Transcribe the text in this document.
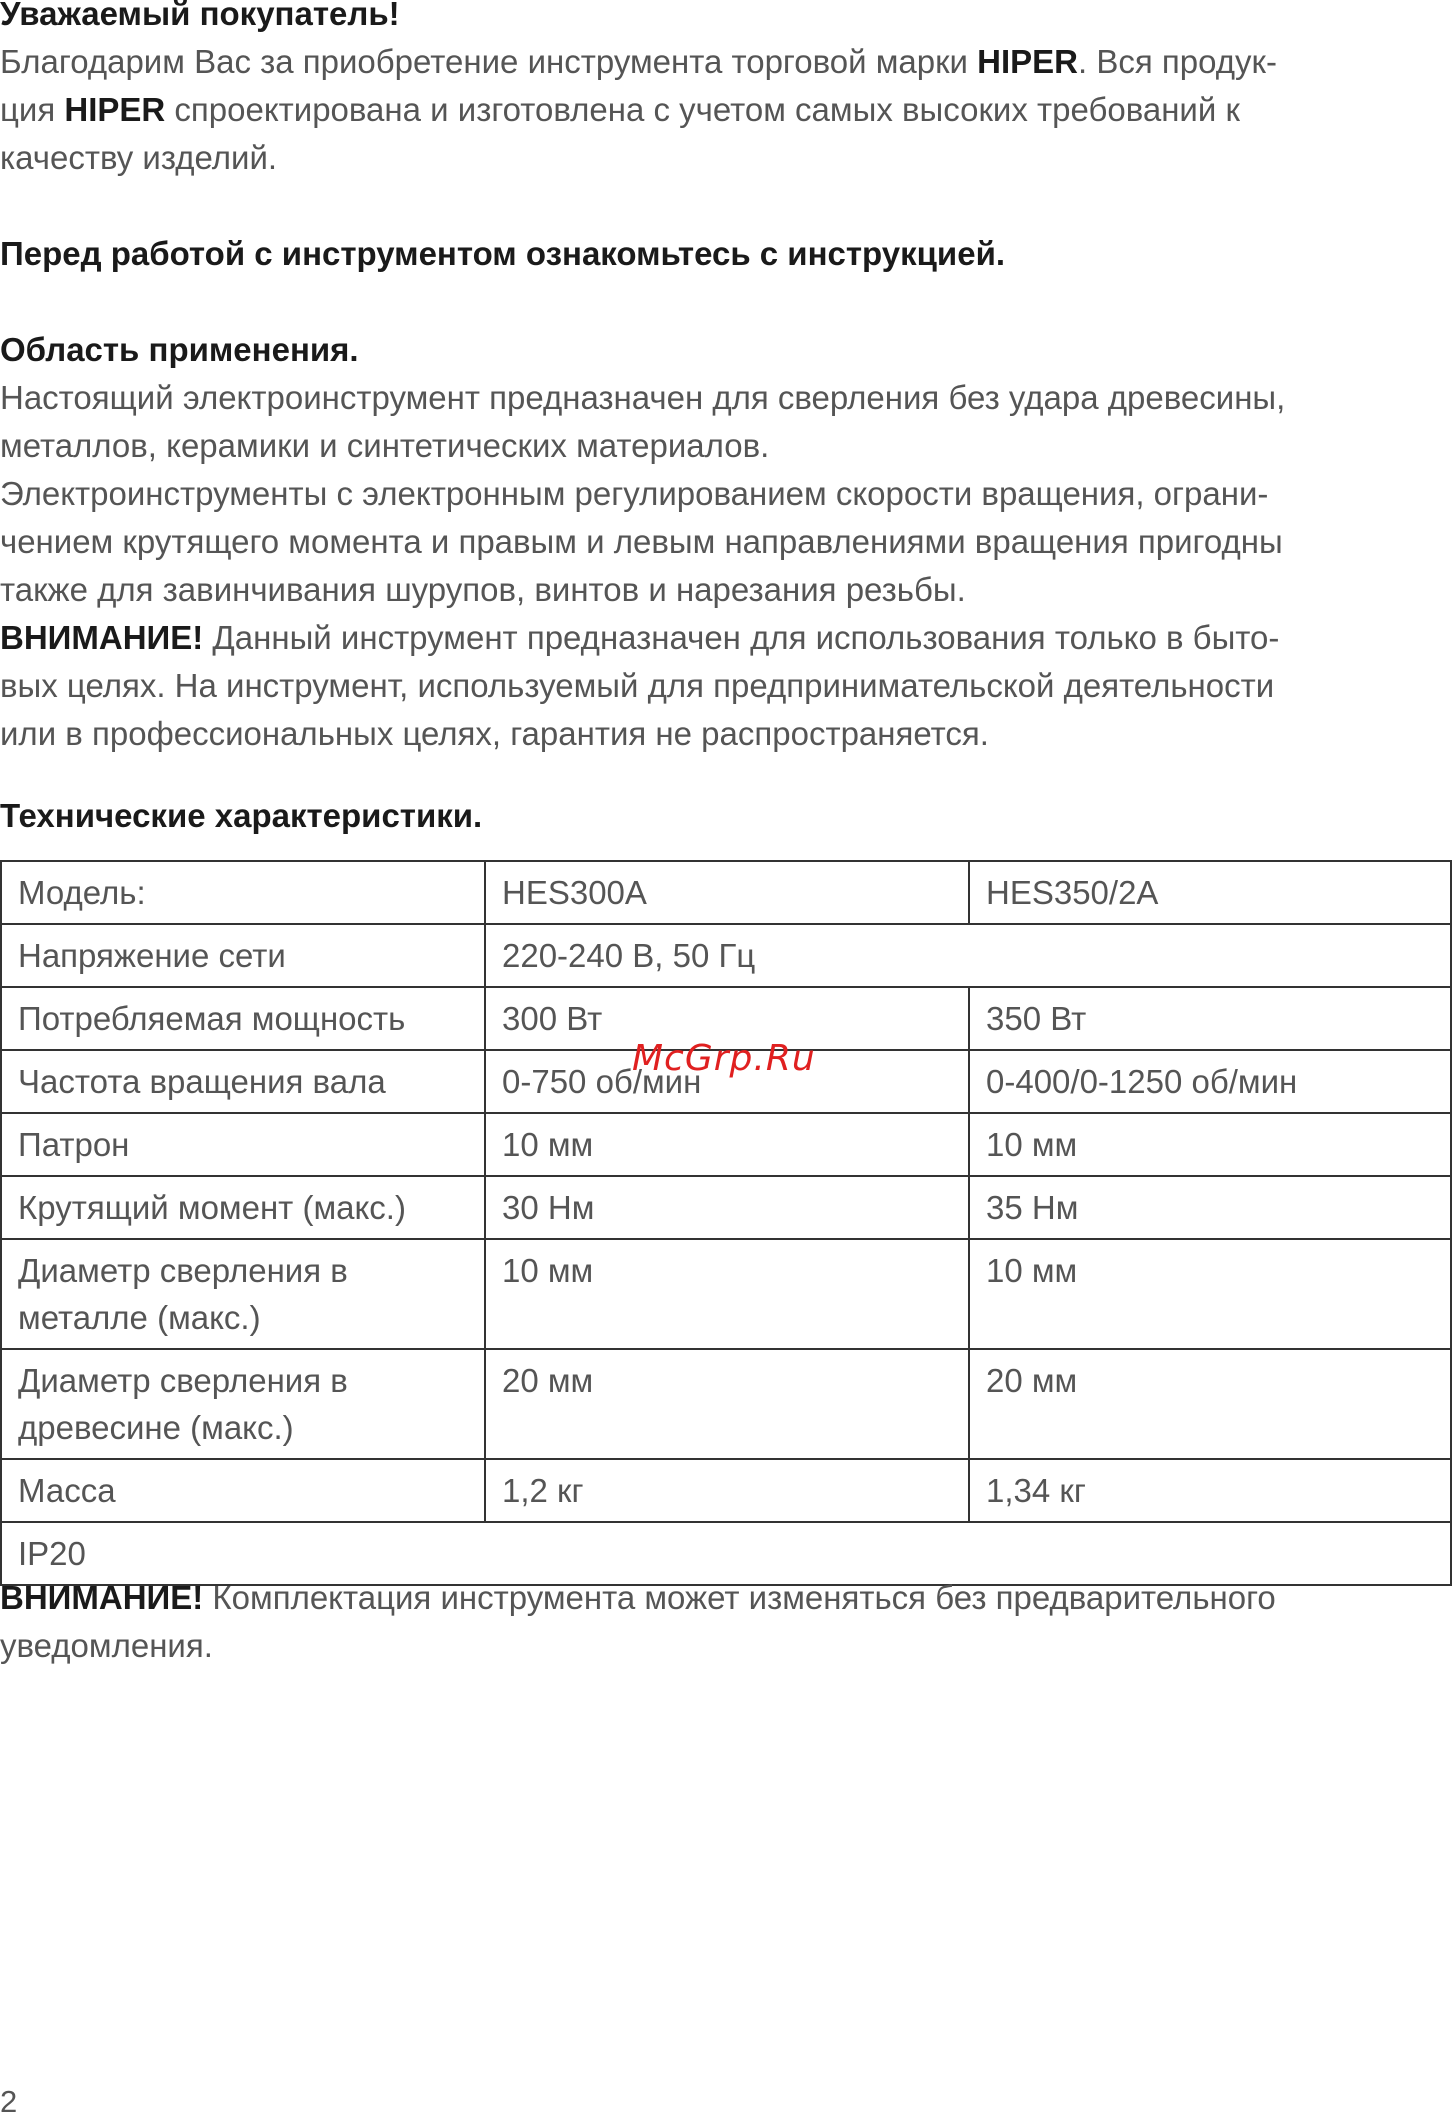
Уважаемый покупатель!

Благодарим Вас за приобретение инструмента торговой марки HIPER. Вся продук-

ция HIPER спроектирована и изготовлена с учетом самых высоких требований к

качеству изделий.

Перед работой с инструментом ознакомьтесь с инструкцией.

Область применения.

Настоящий электроинструмент предназначен для сверления без удара древесины,

металлов, керамики и синтетических материалов.

Электроинструменты с электронным регулированием скорости вращения, ограни-

чением крутящего момента и правым и левым направлениями вращения пригодны

также для завинчивания шурупов, винтов и нарезания резьбы.

ВНИМАНИЕ! Данный инструмент предназначен для использования только в быто-

вых целях. На инструмент, используемый для предпринимательской деятельности

или в профессиональных целях, гарантия не распространяется.

Технические характеристики.

Модель:	HES300A	HES350/2A
Напряжение сети	220-240 В, 50 Гц	
Потребляемая мощность	300 Вт	350 Вт
Частота вращения вала	0-750 об/мин	0-400/0-1250 об/мин
Патрон	10 мм	10 мм
Крутящий момент (макс.)	30 Нм	35 Нм
Диаметр сверления в
металле (макс.)	10 мм	10 мм
Диаметр сверления в
древесине (макс.)	20 мм	20 мм
Масса	1,2 кг	1,34 кг
IP20		
McGrp.Ru

ВНИМАНИЕ! Комплектация инструмента может изменяться без предварительного

уведомления.

2
